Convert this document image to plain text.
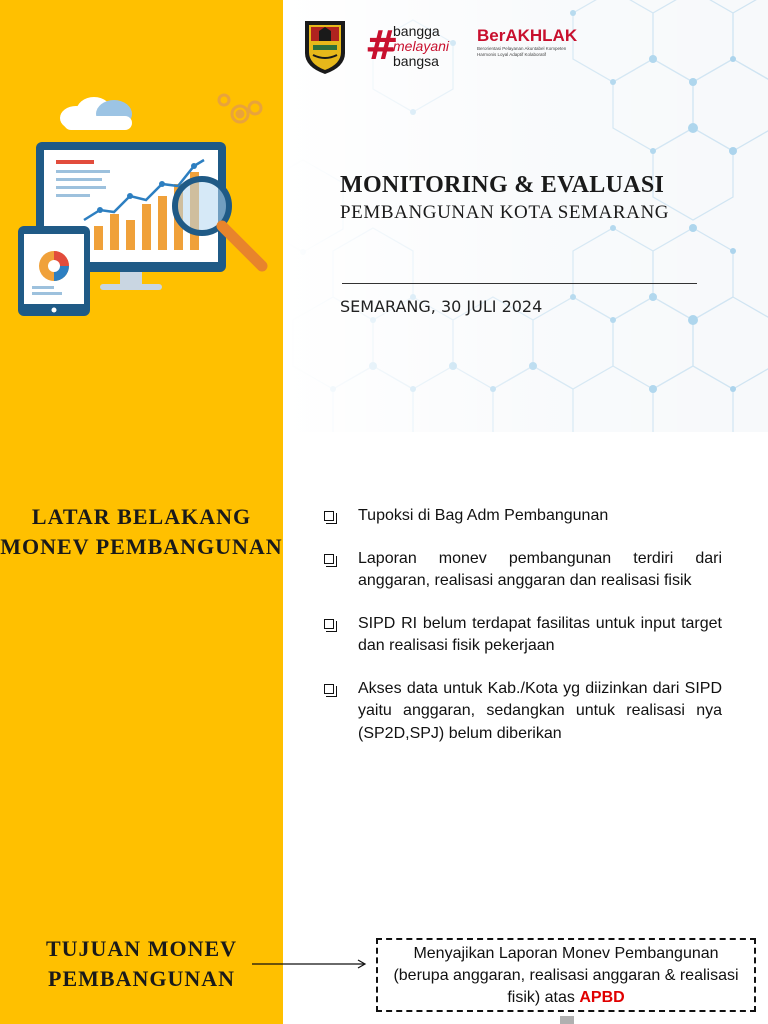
#
bangga
melayani
bangsa
BerAKHLAK
Berorientasi Pelayanan Akuntabel Kompeten
Harmonis Loyal Adaptif Kolaboratif
MONITORING & EVALUASI
PEMBANGUNAN KOTA SEMARANG
SEMARANG, 30 JULI 2024
LATAR BELAKANG MONEV PEMBANGUNAN
Tupoksi di Bag Adm Pembangunan
Laporan monev pembangunan terdiri dari anggaran, realisasi anggaran dan realisasi fisik
SIPD RI belum terdapat fasilitas untuk input target dan realisasi fisik pekerjaan
Akses data untuk Kab./Kota yg diizinkan dari SIPD yaitu anggaran, sedangkan untuk realisasi nya (SP2D,SPJ) belum diberikan
TUJUAN MONEV PEMBANGUNAN
Menyajikan Laporan Monev Pembangunan (berupa anggaran, realisasi anggaran & realisasi fisik) atas APBD
